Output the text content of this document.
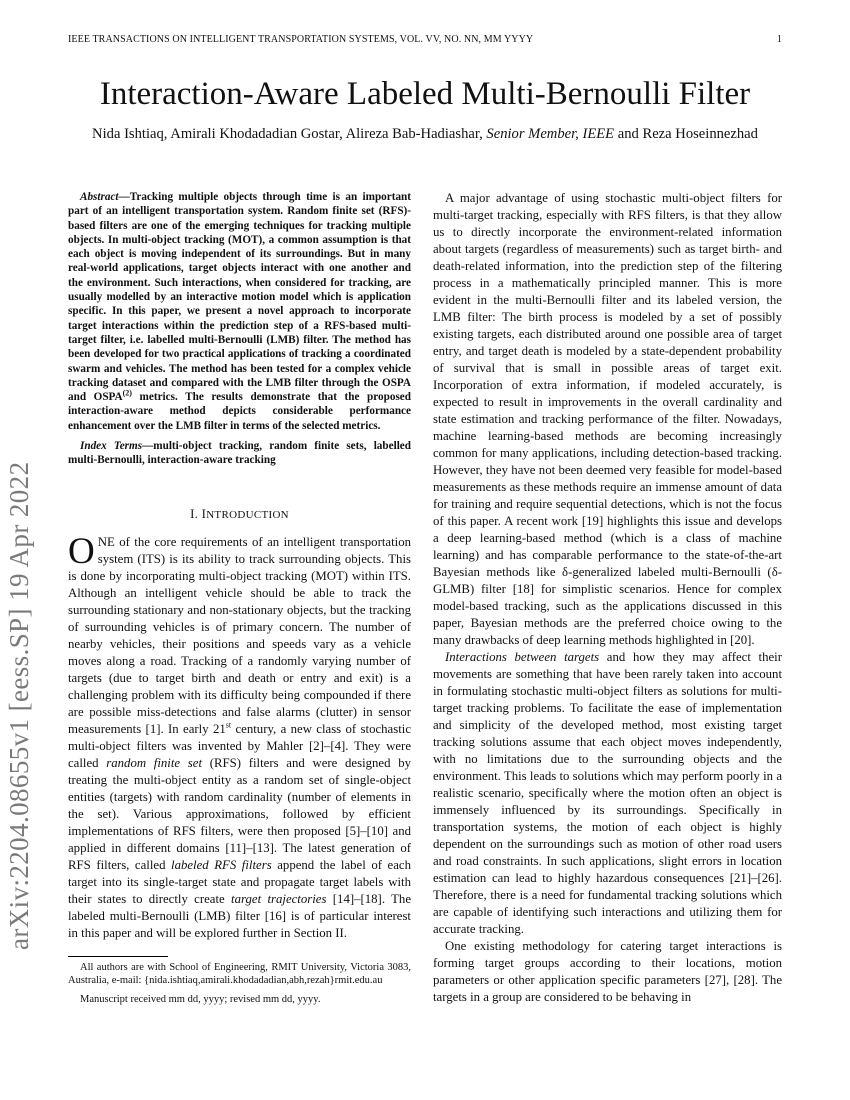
IEEE TRANSACTIONS ON INTELLIGENT TRANSPORTATION SYSTEMS, VOL. VV, NO. NN, MM YYYY	1
Interaction-Aware Labeled Multi-Bernoulli Filter
Nida Ishtiaq, Amirali Khodadadian Gostar, Alireza Bab-Hadiashar, Senior Member, IEEE and Reza Hoseinnezhad
arXiv:2204.08655v1 [eess.SP] 19 Apr 2022
Abstract—Tracking multiple objects through time is an important part of an intelligent transportation system. Random finite set (RFS)-based filters are one of the emerging techniques for tracking multiple objects. In multi-object tracking (MOT), a common assumption is that each object is moving independent of its surroundings. But in many real-world applications, target objects interact with one another and the environment. Such interactions, when considered for tracking, are usually modelled by an interactive motion model which is application specific. In this paper, we present a novel approach to incorporate target interactions within the prediction step of a RFS-based multi-target filter, i.e. labelled multi-Bernoulli (LMB) filter. The method has been developed for two practical applications of tracking a coordinated swarm and vehicles. The method has been tested for a complex vehicle tracking dataset and compared with the LMB filter through the OSPA and OSPA$^{(2)}$ metrics. The results demonstrate that the proposed interaction-aware method depicts considerable performance enhancement over the LMB filter in terms of the selected metrics.
Index Terms—multi-object tracking, random finite sets, labelled multi-Bernoulli, interaction-aware tracking
I. INTRODUCTION

ONE of the core requirements of an intelligent transportation system (ITS) is its ability to track surrounding objects. This is done by incorporating multi-object tracking (MOT) within ITS. Although an intelligent vehicle should be able to track the surrounding stationary and non-stationary objects, but the tracking of surrounding vehicles is of primary concern. The number of nearby vehicles, their positions and speeds vary as a vehicle moves along a road. Tracking of a randomly varying number of targets (due to target birth and death or entry and exit) is a challenging problem with its difficulty being compounded if there are possible miss-detections and false alarms (clutter) in sensor measurements [1]. In early 21st century, a new class of stochastic multi-object filters was invented by Mahler [2]–[4]. They were called random finite set (RFS) filters and were designed by treating the multi-object entity as a random set of single-object entities (targets) with random cardinality (number of elements in the set). Various approximations, followed by efficient implementations of RFS filters, were then proposed [5]–[10] and applied in different domains [11]–[13]. The latest generation of RFS filters, called labeled RFS filters append the label of each target into its single-target state and propagate target labels with their states to directly create target trajectories [14]–[18]. The labeled multi-Bernoulli (LMB) filter [16] is of particular interest in this paper and will be explored further in Section II.

All authors are with School of Engineering, RMIT University, Victoria 3083, Australia, e-mail: {nida.ishtiaq,amirali.khodadadian,abh,rezah}rmit.edu.au

Manuscript received mm dd, yyyy; revised mm dd, yyyy.

A major advantage of using stochastic multi-object filters for multi-target tracking, especially with RFS filters, is that they allow us to directly incorporate the environment-related information about targets (regardless of measurements) such as target birth- and death-related information, into the prediction step of the filtering process in a mathematically principled manner. This is more evident in the multi-Bernoulli filter and its labeled version, the LMB filter: The birth process is modeled by a set of possibly existing targets, each distributed around one possible area of target entry, and target death is modeled by a state-dependent probability of survival that is small in possible areas of target exit. Incorporation of extra information, if modeled accurately, is expected to result in improvements in the overall cardinality and state estimation and tracking performance of the filter. Nowadays, machine learning-based methods are becoming increasingly common for many applications, including detection-based tracking. However, they have not been deemed very feasible for model-based measurements as these methods require an immense amount of data for training and require sequential detections, which is not the focus of this paper. A recent work [19] highlights this issue and develops a deep learning-based method (which is a class of machine learning) and has comparable performance to the state-of-the-art Bayesian methods like δ-generalized labeled multi-Bernoulli (δ-GLMB) filter [18] for simplistic scenarios. Hence for complex model-based tracking, such as the applications discussed in this paper, Bayesian methods are the preferred choice owing to the many drawbacks of deep learning methods highlighted in [20].

Interactions between targets and how they may affect their movements are something that have been rarely taken into account in formulating stochastic multi-object filters as solutions for multi-target tracking problems. To facilitate the ease of implementation and simplicity of the developed method, most existing target tracking solutions assume that each object moves independently, with no limitations due to the surrounding objects and the environment. This leads to solutions which may perform poorly in a realistic scenario, specifically where the motion often an object is immensely influenced by its surroundings. Specifically in transportation systems, the motion of each object is highly dependent on the surroundings such as motion of other road users and road constraints. In such applications, slight errors in location estimation can lead to highly hazardous consequences [21]–[26]. Therefore, there is a need for fundamental tracking solutions which are capable of identifying such interactions and utilizing them for accurate tracking.

One existing methodology for catering target interactions is forming target groups according to their locations, motion parameters or other application specific parameters [27], [28]. The targets in a group are considered to be behaving in
